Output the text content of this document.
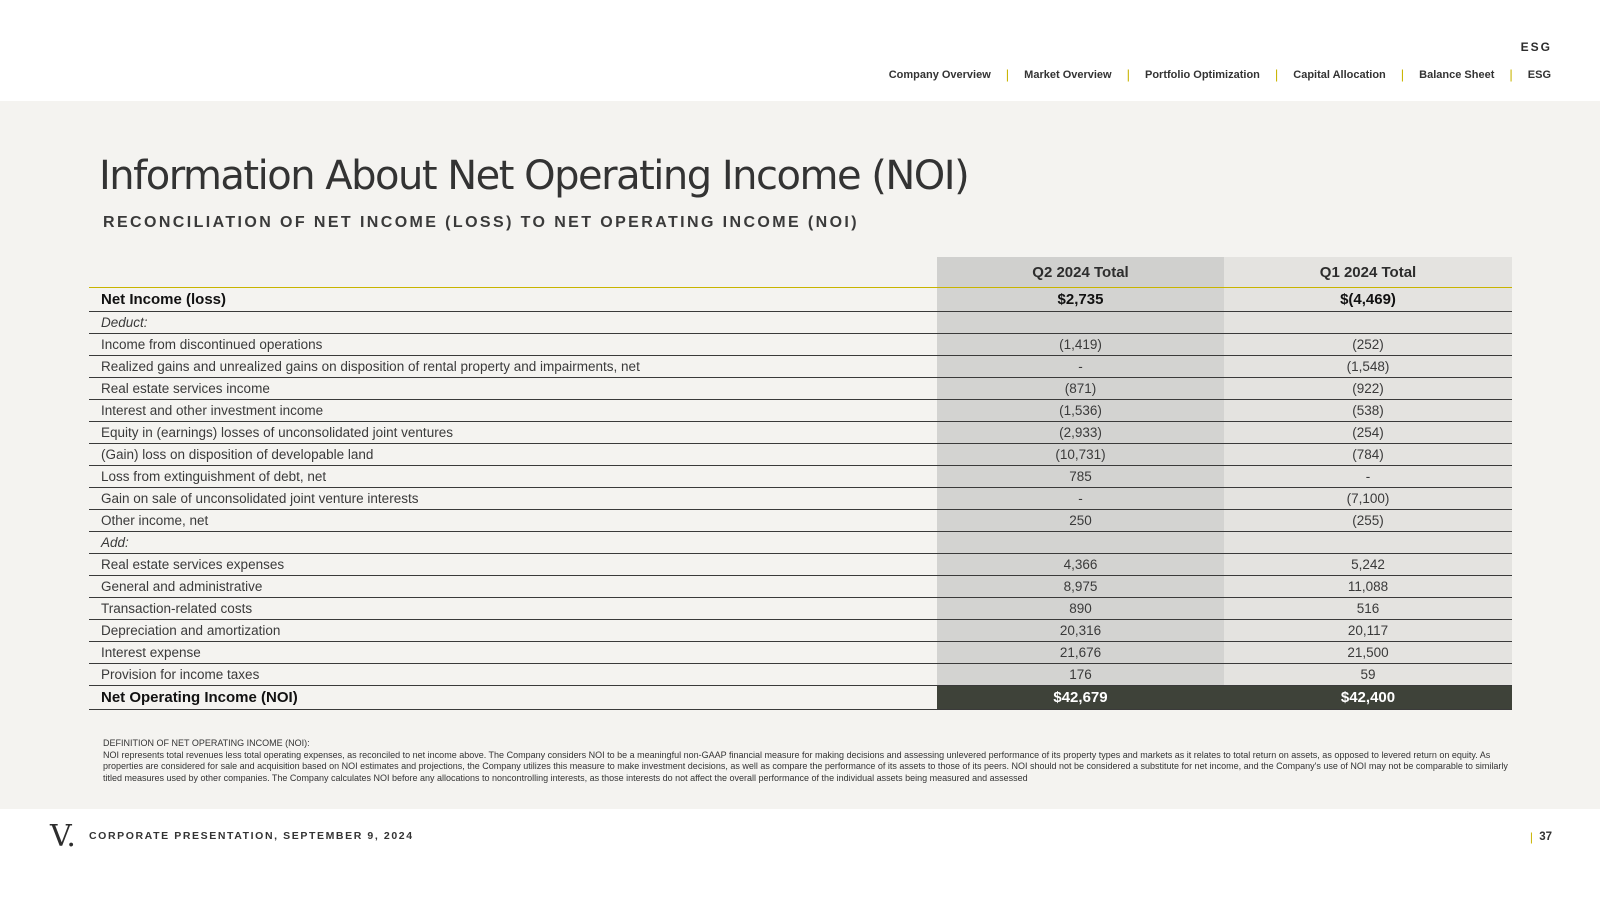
ESG
Company Overview | Market Overview | Portfolio Optimization | Capital Allocation | Balance Sheet | ESG
Information About Net Operating Income (NOI)
RECONCILIATION OF NET INCOME (LOSS) TO NET OPERATING INCOME (NOI)
	Q2 2024 Total	Q1 2024 Total
Net Income (loss)	$2,735	$(4,469)
Deduct:		
Income from discontinued operations	(1,419)	(252)
Realized gains and unrealized gains on disposition of rental property and impairments, net	-	(1,548)
Real estate services income	(871)	(922)
Interest and other investment income	(1,536)	(538)
Equity in (earnings) losses of unconsolidated joint ventures	(2,933)	(254)
(Gain) loss on disposition of developable land	(10,731)	(784)
Loss from extinguishment of debt, net	785	-
Gain on sale of unconsolidated joint venture interests	-	(7,100)
Other income, net	250	(255)
Add:		
Real estate services expenses	4,366	5,242
General and administrative	8,975	11,088
Transaction-related costs	890	516
Depreciation and amortization	20,316	20,117
Interest expense	21,676	21,500
Provision for income taxes	176	59
Net Operating Income (NOI)	$42,679	$42,400
DEFINITION OF NET OPERATING INCOME (NOI):
NOI represents total revenues less total operating expenses, as reconciled to net income above. The Company considers NOI to be a meaningful non-GAAP financial measure for making decisions and assessing unlevered performance of its property types and markets as it relates to total return on assets, as opposed to levered return on equity. As properties are considered for sale and acquisition based on NOI estimates and projections, the Company utilizes this measure to make investment decisions, as well as compare the performance of its assets to those of its peers. NOI should not be considered a substitute for net income, and the Company's use of NOI may not be comparable to similarly titled measures used by other companies. The Company calculates NOI before any allocations to noncontrolling interests, as those interests do not affect the overall performance of the individual assets being measured and assessed
V. CORPORATE PRESENTATION, SEPTEMBER 9, 2024	| 37
